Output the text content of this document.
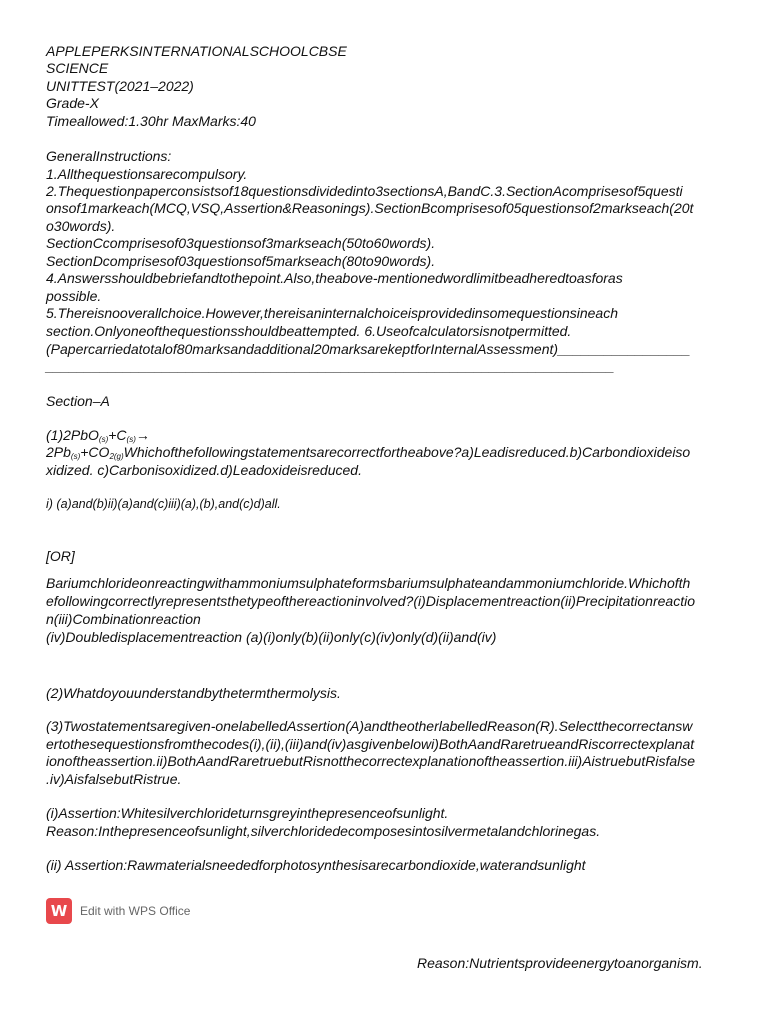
APPLEPERKSINTERNATIONALSCHOOLCBSE
SCIENCE
UNITTEST(2021–2022)
Grade-X
Timeallowed:1.30hr MaxMarks:40
GeneralInstructions:
1.Allthequestionsarecompulsory.
2.Thequestionpaperconsistsof18questionsdividedinto3sectionsA,BandC.3.SectionAcomprisesof5questi
onsof1markeach(MCQ,VSQ,Assertion&Reasonings).SectionBcomprisesof05questionsof2markseach(20t
o30words).
SectionCcomprisesof03questionsof3markseach(50to60words).
SectionDcomprisesof03questionsof5markseach(80to90words).
4.Answersshouldbebriefandtothepoint.Also,theabove-mentionedwordlimitbeadheredtoasforas
possible.
5.Thereisnooverallchoice.However,thereisaninternalchoiceisprovidedinsomequestionsineach
section.Onlyoneofthequestionsshouldbeattempted. 6.Useofcalculatorsisnotpermitted.
(Papercarriedatotalof80marksandadditional20marksarekeptforInternalAssessment)_________________
_________________________________________________________________________
Section–A
$(1)2PbO_{(s)}+C_{(s)}\to$
$2Pb_{(s)}+CO_{2(g)}Whichofthefollowingstatementsarecorrectfortheabove?a)Leadisreduced.b)Carbondioxideiso$
xidized. c)Carbonisoxidized.d)Leadoxideisreduced.
i) (a)and(b)ii)(a)and(c)iii)(a),(b),and(c)d)all.
[OR]
Bariumchlorideonreactingwithammoniumsulphateformsbariumsulphateandammoniumchloride.Whichofth
efollowingcorrectlyrepresentsthetypeofthereactioninvolved?(i)Displacementreaction(ii)Precipitationreactio
n(iii)Combinationreaction
(iv)Doubledisplacementreaction (a)(i)only(b)(ii)only(c)(iv)only(d)(ii)and(iv)
(2)Whatdoyouunderstandbythetermthermolysis.
(3)Twostatementsaregiven-onelabelledAssertion(A)andtheotherlabelledReason(R).Selectthecorrectansw
ertothesequestionsfromthecodes(i),(ii),(iii)and(iv)asgivenbelowi)BothAandRaretrueandRiscorrectexplanat
ionoftheassertion.ii)BothAandRaretruebutRisnotthecorrectexplanationoftheassertion.iii)AistruebutRisfalse
.iv)AisfalsebutRistrue.
(i)Assertion:Whitesilverchlorideturnsgreyinthepresenceofsunlight.
Reason:Inthepresenceofsunlight,silverchloridedecomposesintosilvermetalandchlorinegas.
(ii) Assertion:Rawmaterialsneededforphotosynthesisarecarbondioxide,waterandsunlight
W	Edit with WPS Office
Reason:Nutrientsprovideenergytoanorganism.
